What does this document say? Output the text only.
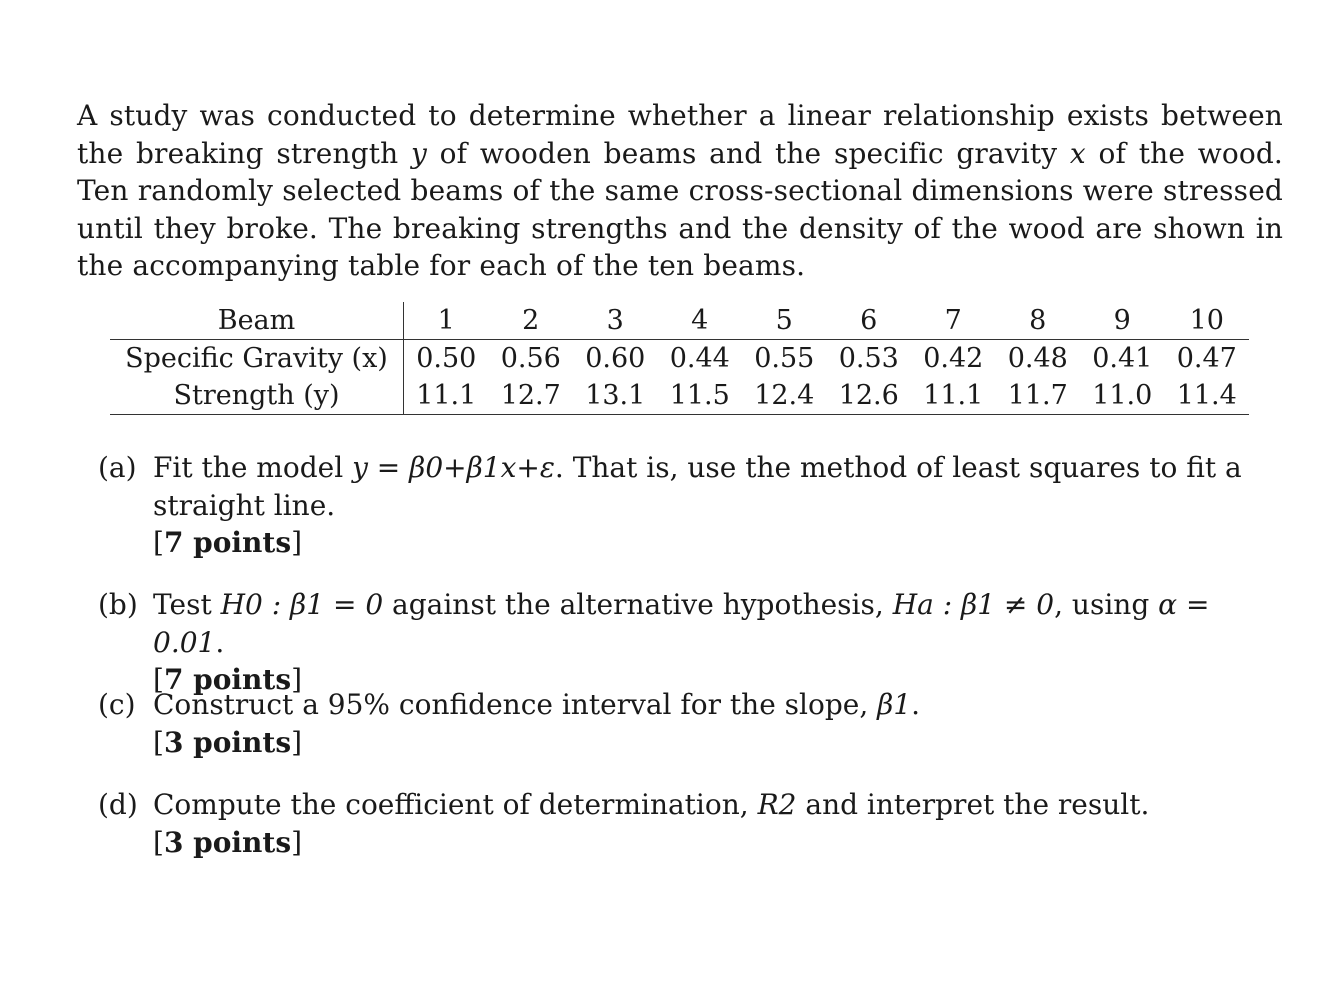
A study was conducted to determine whether a linear relationship exists between the breaking strength y of wooden beams and the specific gravity x of the wood. Ten randomly selected beams of the same cross-sectional dimensions were stressed until they broke. The breaking strengths and the density of the wood are shown in the accompanying table for each of the ten beams.

Beam	1	2	3	4	5	6	7	8	9	10
Specific Gravity (x)	0.50	0.56	0.60	0.44	0.55	0.53	0.42	0.48	0.41	0.47
Strength (y)	11.1	12.7	13.1	11.5	12.4	12.6	11.1	11.7	11.0	11.4
(a) Fit the model y = β0+β1x+ε. That is, use the method of least squares to fit a straight line.
[7 points]
(b) Test H0 : β1 = 0 against the alternative hypothesis, Ha : β1 ≠ 0, using α = 0.01.
[7 points]
(c) Construct a 95% confidence interval for the slope, β1.
[3 points]
(d) Compute the coefficient of determination, R2 and interpret the result.
[3 points]
